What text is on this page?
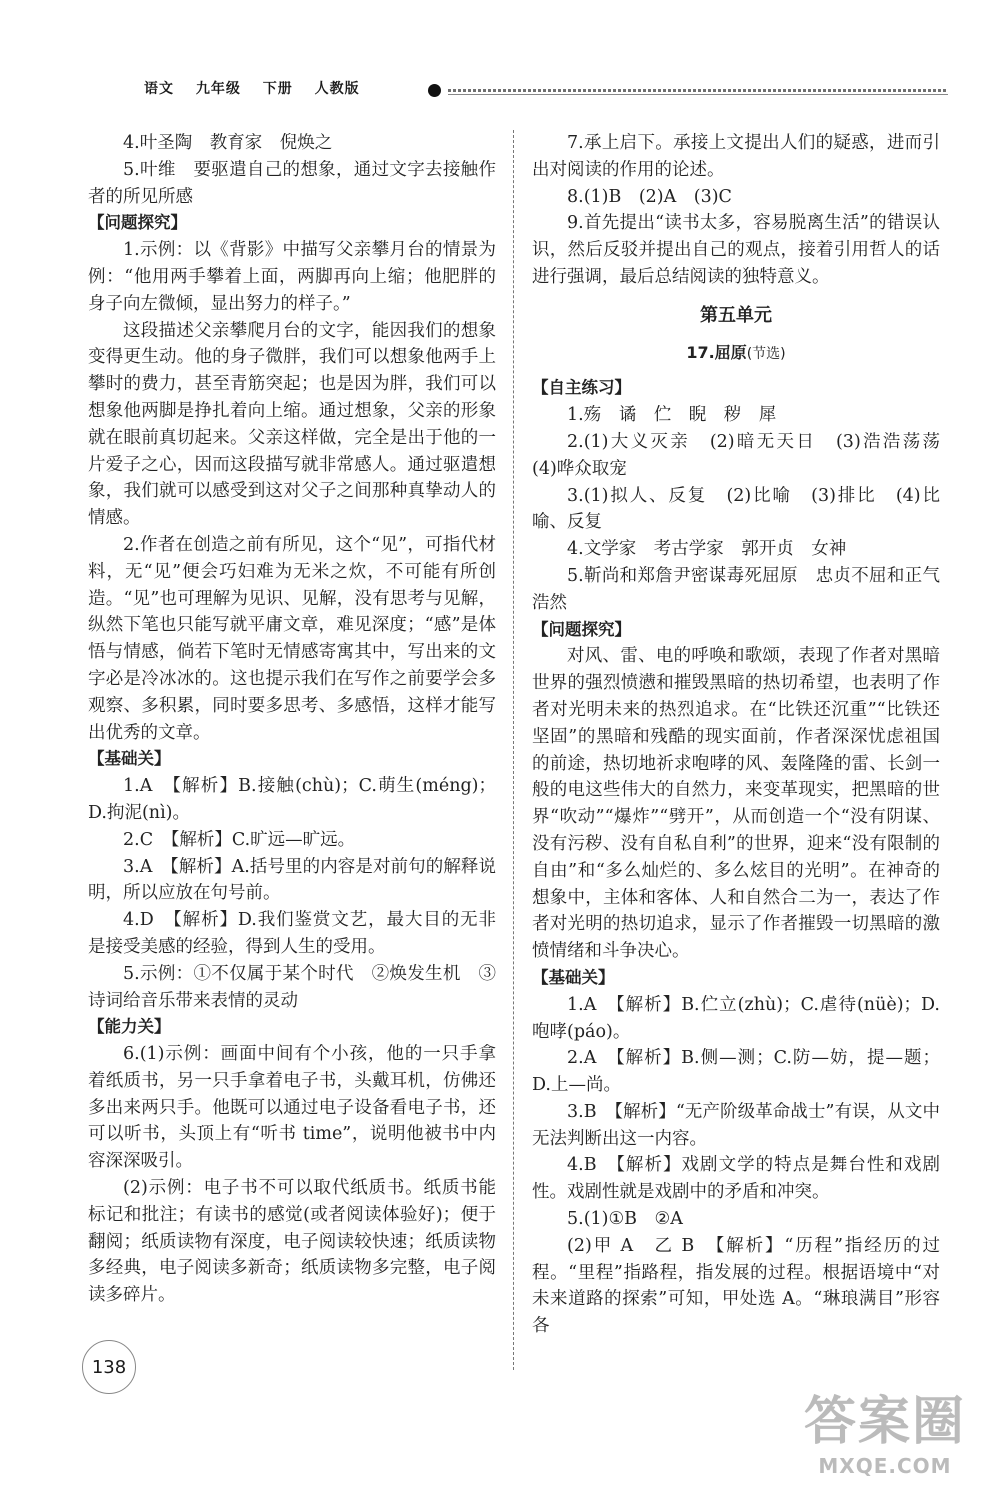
语文 九年级 下册 人教版

4.叶圣陶　教育家　倪焕之

5.叶维　要驱遣自己的想象，通过文字去接触作者的所见所感

【问题探究】

1.示例：以《背影》中描写父亲攀月台的情景为例：“他用两手攀着上面，两脚再向上缩；他肥胖的身子向左微倾，显出努力的样子。”

这段描述父亲攀爬月台的文字，能因我们的想象变得更生动。他的身子微胖，我们可以想象他两手上攀时的费力，甚至青筋突起；也是因为胖，我们可以想象他两脚是挣扎着向上缩。通过想象，父亲的形象就在眼前真切起来。父亲这样做，完全是出于他的一片爱子之心，因而这段描写就非常感人。通过驱遣想象，我们就可以感受到这对父子之间那种真挚动人的情感。

2.作者在创造之前有所见，这个“见”，可指代材料，无“见”便会巧妇难为无米之炊，不可能有所创造。“见”也可理解为见识、见解，没有思考与见解，纵然下笔也只能写就平庸文章，难见深度；“感”是体悟与情感，倘若下笔时无情感寄寓其中，写出来的文字必是冷冰冰的。这也提示我们在写作之前要学会多观察、多积累，同时要多思考、多感悟，这样才能写出优秀的文章。

【基础关】

1.A　【解析】B.接触(chù)；C.萌生(méng)；D.拘泥(nì)。

2.C　【解析】C.旷远—旷远。

3.A　【解析】A.括号里的内容是对前句的解释说明，所以应放在句号前。

4.D　【解析】D.我们鉴赏文艺，最大目的无非是接受美感的经验，得到人生的受用。

5.示例：①不仅属于某个时代　②焕发生机　③诗词给音乐带来表情的灵动

【能力关】

6.(1)示例：画面中间有个小孩，他的一只手拿着纸质书，另一只手拿着电子书，头戴耳机，仿佛还多出来两只手。他既可以通过电子设备看电子书，还可以听书，头顶上有“听书 time”，说明他被书中内容深深吸引。

(2)示例：电子书不可以取代纸质书。纸质书能标记和批注；有读书的感觉(或者阅读体验好)；便于翻阅；纸质读物有深度，电子阅读较快速；纸质读物多经典，电子阅读多新奇；纸质读物多完整，电子阅读多碎片。

7.承上启下。承接上文提出人们的疑惑，进而引出对阅读的作用的论述。

8.(1)B　(2)A　(3)C

9.首先提出“读书太多，容易脱离生活”的错误认识，然后反驳并提出自己的观点，接着引用哲人的话进行强调，最后总结阅读的独特意义。

第五单元
17.屈原(节选)
【自主练习】

1.殇　谲　伫　睨　秽　犀

2.(1)大义灭亲　(2)暗无天日　(3)浩浩荡荡　(4)哗众取宠

3.(1)拟人、反复　(2)比喻　(3)排比　(4)比喻、反复

4.文学家　考古学家　郭开贞　女神

5.靳尚和郑詹尹密谋毒死屈原　忠贞不屈和正气浩然

【问题探究】

对风、雷、电的呼唤和歌颂，表现了作者对黑暗世界的强烈愤懑和摧毁黑暗的热切希望，也表明了作者对光明未来的热烈追求。在“比铁还沉重”“比铁还坚固”的黑暗和残酷的现实面前，作者深深忧虑祖国的前途，热切地祈求咆哮的风、轰隆隆的雷、长剑一般的电这些伟大的自然力，来变革现实，把黑暗的世界“吹动”“爆炸”“劈开”，从而创造一个“没有阴谋、没有污秽、没有自私自利”的世界，迎来“没有限制的自由”和“多么灿烂的、多么炫目的光明”。在神奇的想象中，主体和客体、人和自然合二为一，表达了作者对光明的热切追求，显示了作者摧毁一切黑暗的激愤情绪和斗争决心。

【基础关】

1.A　【解析】B.伫立(zhù)；C.虐待(nüè)；D.咆哮(páo)。

2.A　【解析】B.侧—测；C.防—妨，提—题；D.上—尚。

3.B　【解析】“无产阶级革命战士”有误，从文中无法判断出这一内容。

4.B　【解析】戏剧文学的特点是舞台性和戏剧性。戏剧性就是戏剧中的矛盾和冲突。

5.(1)①B　②A

(2)甲 A　乙 B　【解析】“历程”指经历的过程。“里程”指路程，指发展的过程。根据语境中“对未来道路的探索”可知，甲处选 A。“琳琅满目”形容各

138
答案圈
MXQE.COM
